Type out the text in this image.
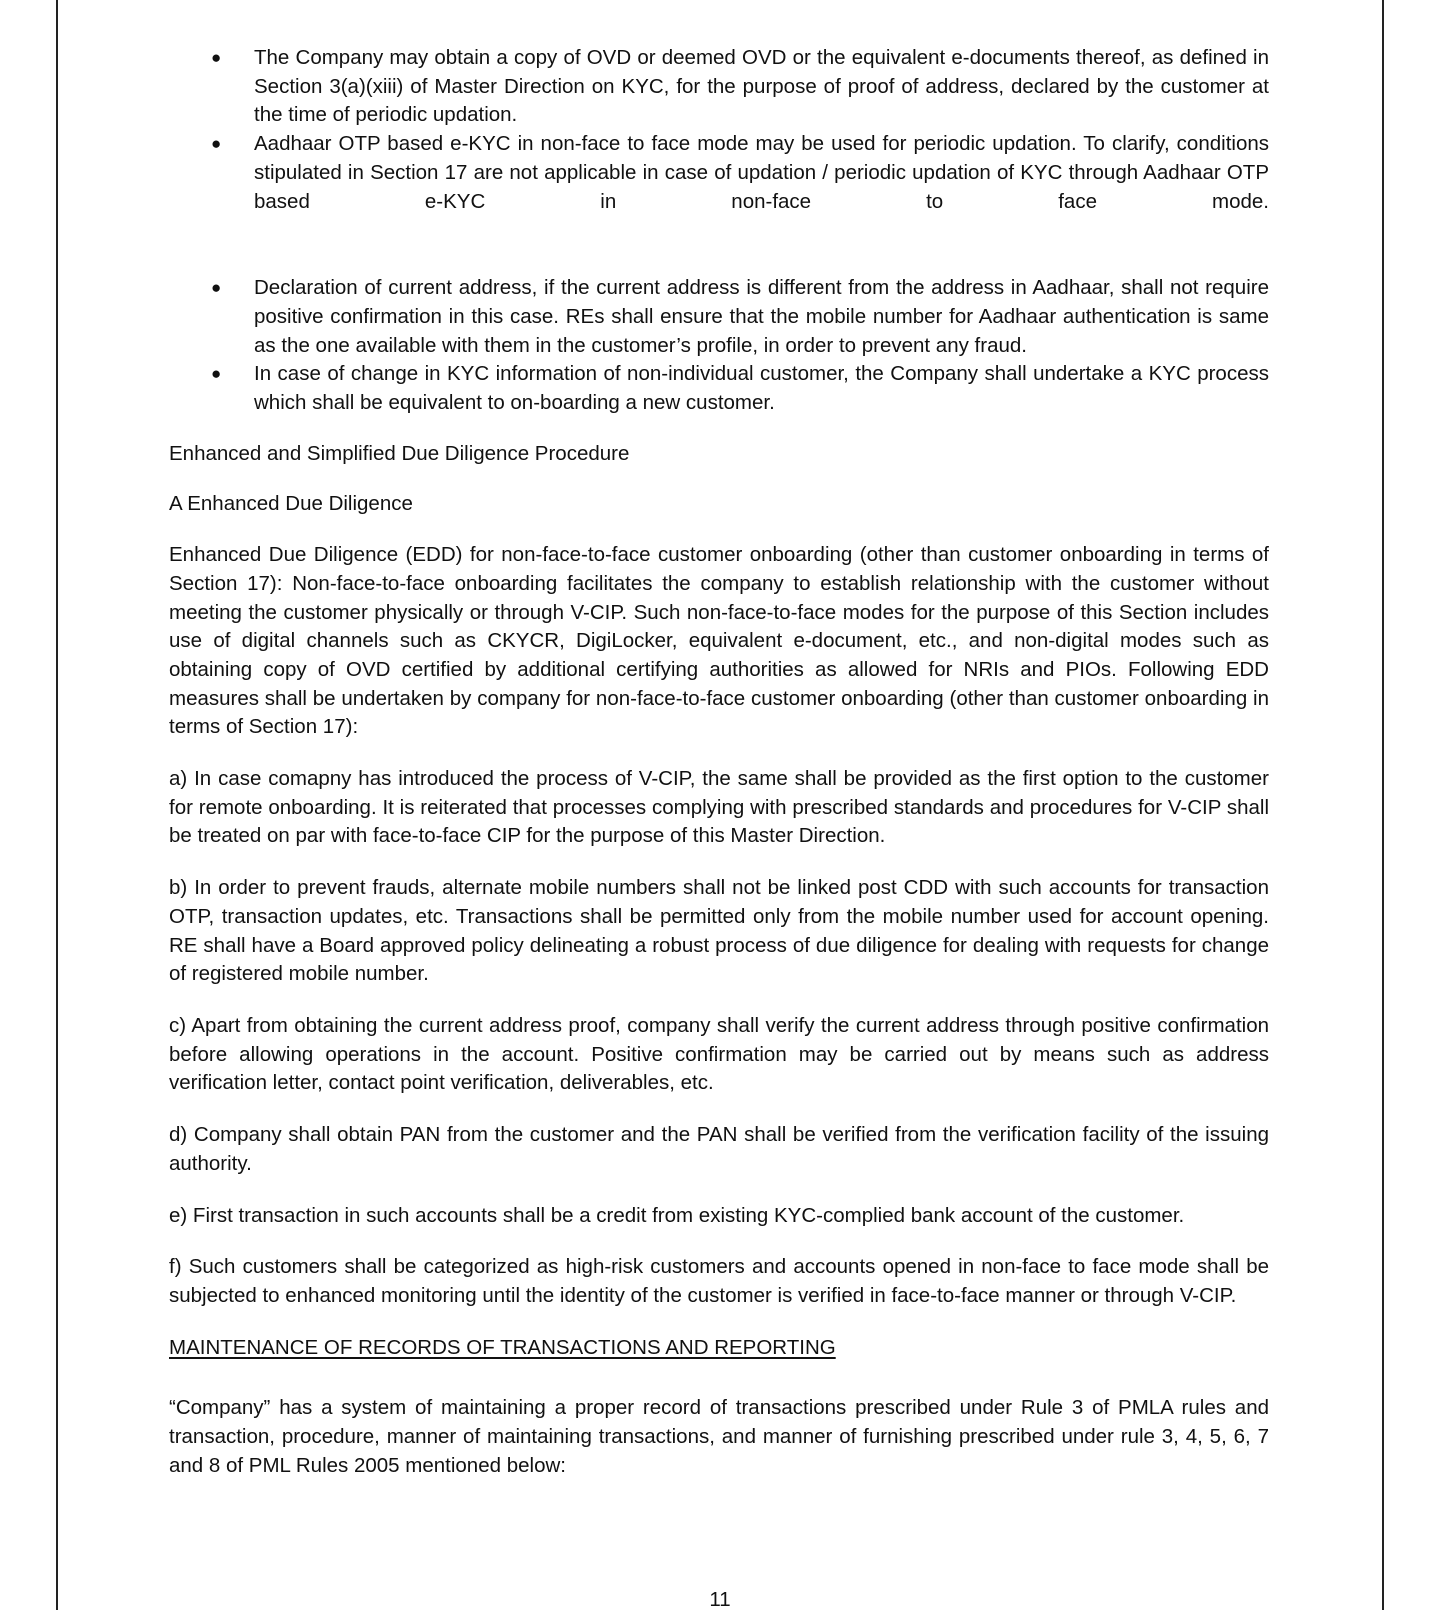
● The Company may obtain a copy of OVD or deemed OVD or the equivalent e-documents thereof, as defined in Section 3(a)(xiii) of Master Direction on KYC, for the purpose of proof of address, declared by the customer at the time of periodic updation.
● Aadhaar OTP based e-KYC in non-face to face mode may be used for periodic updation. To clarify, conditions stipulated in Section 17 are not applicable in case of updation / periodic updation of KYC through Aadhaar OTP based e-KYC in non-face to face mode.
● Declaration of current address, if the current address is different from the address in Aadhaar, shall not require positive confirmation in this case. REs shall ensure that the mobile number for Aadhaar authentication is same as the one available with them in the customer’s profile, in order to prevent any fraud.
● In case of change in KYC information of non-individual customer, the Company shall undertake a KYC process which shall be equivalent to on-boarding a new customer.

Enhanced and Simplified Due Diligence Procedure

A Enhanced Due Diligence

Enhanced Due Diligence (EDD) for non-face-to-face customer onboarding (other than customer onboarding in terms of Section 17): Non-face-to-face onboarding facilitates the company to establish relationship with the customer without meeting the customer physically or through V-CIP. Such non-face-to-face modes for the purpose of this Section includes use of digital channels such as CKYCR, DigiLocker, equivalent e-document, etc., and non-digital modes such as obtaining copy of OVD certified by additional certifying authorities as allowed for NRIs and PIOs. Following EDD measures shall be undertaken by company for non-face-to-face customer onboarding (other than customer onboarding in terms of Section 17):

a) In case comapny has introduced the process of V-CIP, the same shall be provided as the first option to the customer for remote onboarding. It is reiterated that processes complying with prescribed standards and procedures for V-CIP shall be treated on par with face-to-face CIP for the purpose of this Master Direction.

b) In order to prevent frauds, alternate mobile numbers shall not be linked post CDD with such accounts for transaction OTP, transaction updates, etc. Transactions shall be permitted only from the mobile number used for account opening. RE shall have a Board approved policy delineating a robust process of due diligence for dealing with requests for change of registered mobile number.

c) Apart from obtaining the current address proof, company shall verify the current address through positive confirmation before allowing operations in the account. Positive confirmation may be carried out by means such as address verification letter, contact point verification, deliverables, etc.

d) Company shall obtain PAN from the customer and the PAN shall be verified from the verification facility of the issuing authority.

e) First transaction in such accounts shall be a credit from existing KYC-complied bank account of the customer.

f) Such customers shall be categorized as high-risk customers and accounts opened in non-face to face mode shall be subjected to enhanced monitoring until the identity of the customer is verified in face-to-face manner or through V-CIP.

MAINTENANCE OF RECORDS OF TRANSACTIONS AND REPORTING

“Company” has a system of maintaining a proper record of transactions prescribed under Rule 3 of PMLA rules and transaction, procedure, manner of maintaining transactions, and manner of furnishing prescribed under rule 3, 4, 5, 6, 7 and 8 of PML Rules 2005 mentioned below:

11
